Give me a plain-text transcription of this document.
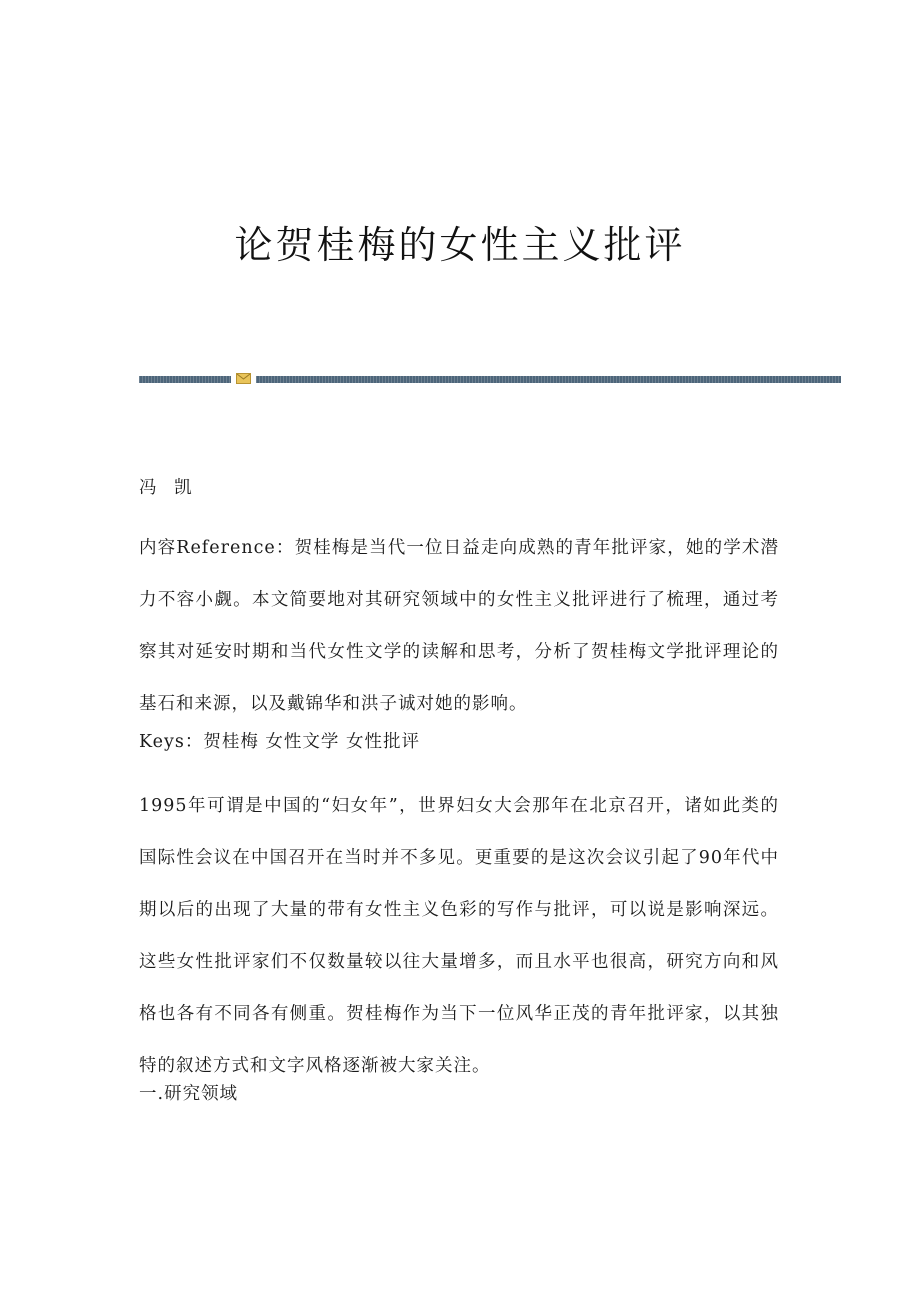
论贺桂梅的女性主义批评
冯 凯
内容Reference：贺桂梅是当代一位日益走向成熟的青年批评家，她的学术潜力不容小觑。本文简要地对其研究领域中的女性主义批评进行了梳理，通过考察其对延安时期和当代女性文学的读解和思考，分析了贺桂梅文学批评理论的基石和来源，以及戴锦华和洪子诚对她的影响。
Keys：贺桂梅 女性文学 女性批评
1995年可谓是中国的“妇女年”，世界妇女大会那年在北京召开，诸如此类的国际性会议在中国召开在当时并不多见。更重要的是这次会议引起了90年代中期以后的出现了大量的带有女性主义色彩的写作与批评，可以说是影响深远。这些女性批评家们不仅数量较以往大量增多，而且水平也很高，研究方向和风格也各有不同各有侧重。贺桂梅作为当下一位风华正茂的青年批评家，以其独特的叙述方式和文字风格逐渐被大家关注。
一.研究领域
